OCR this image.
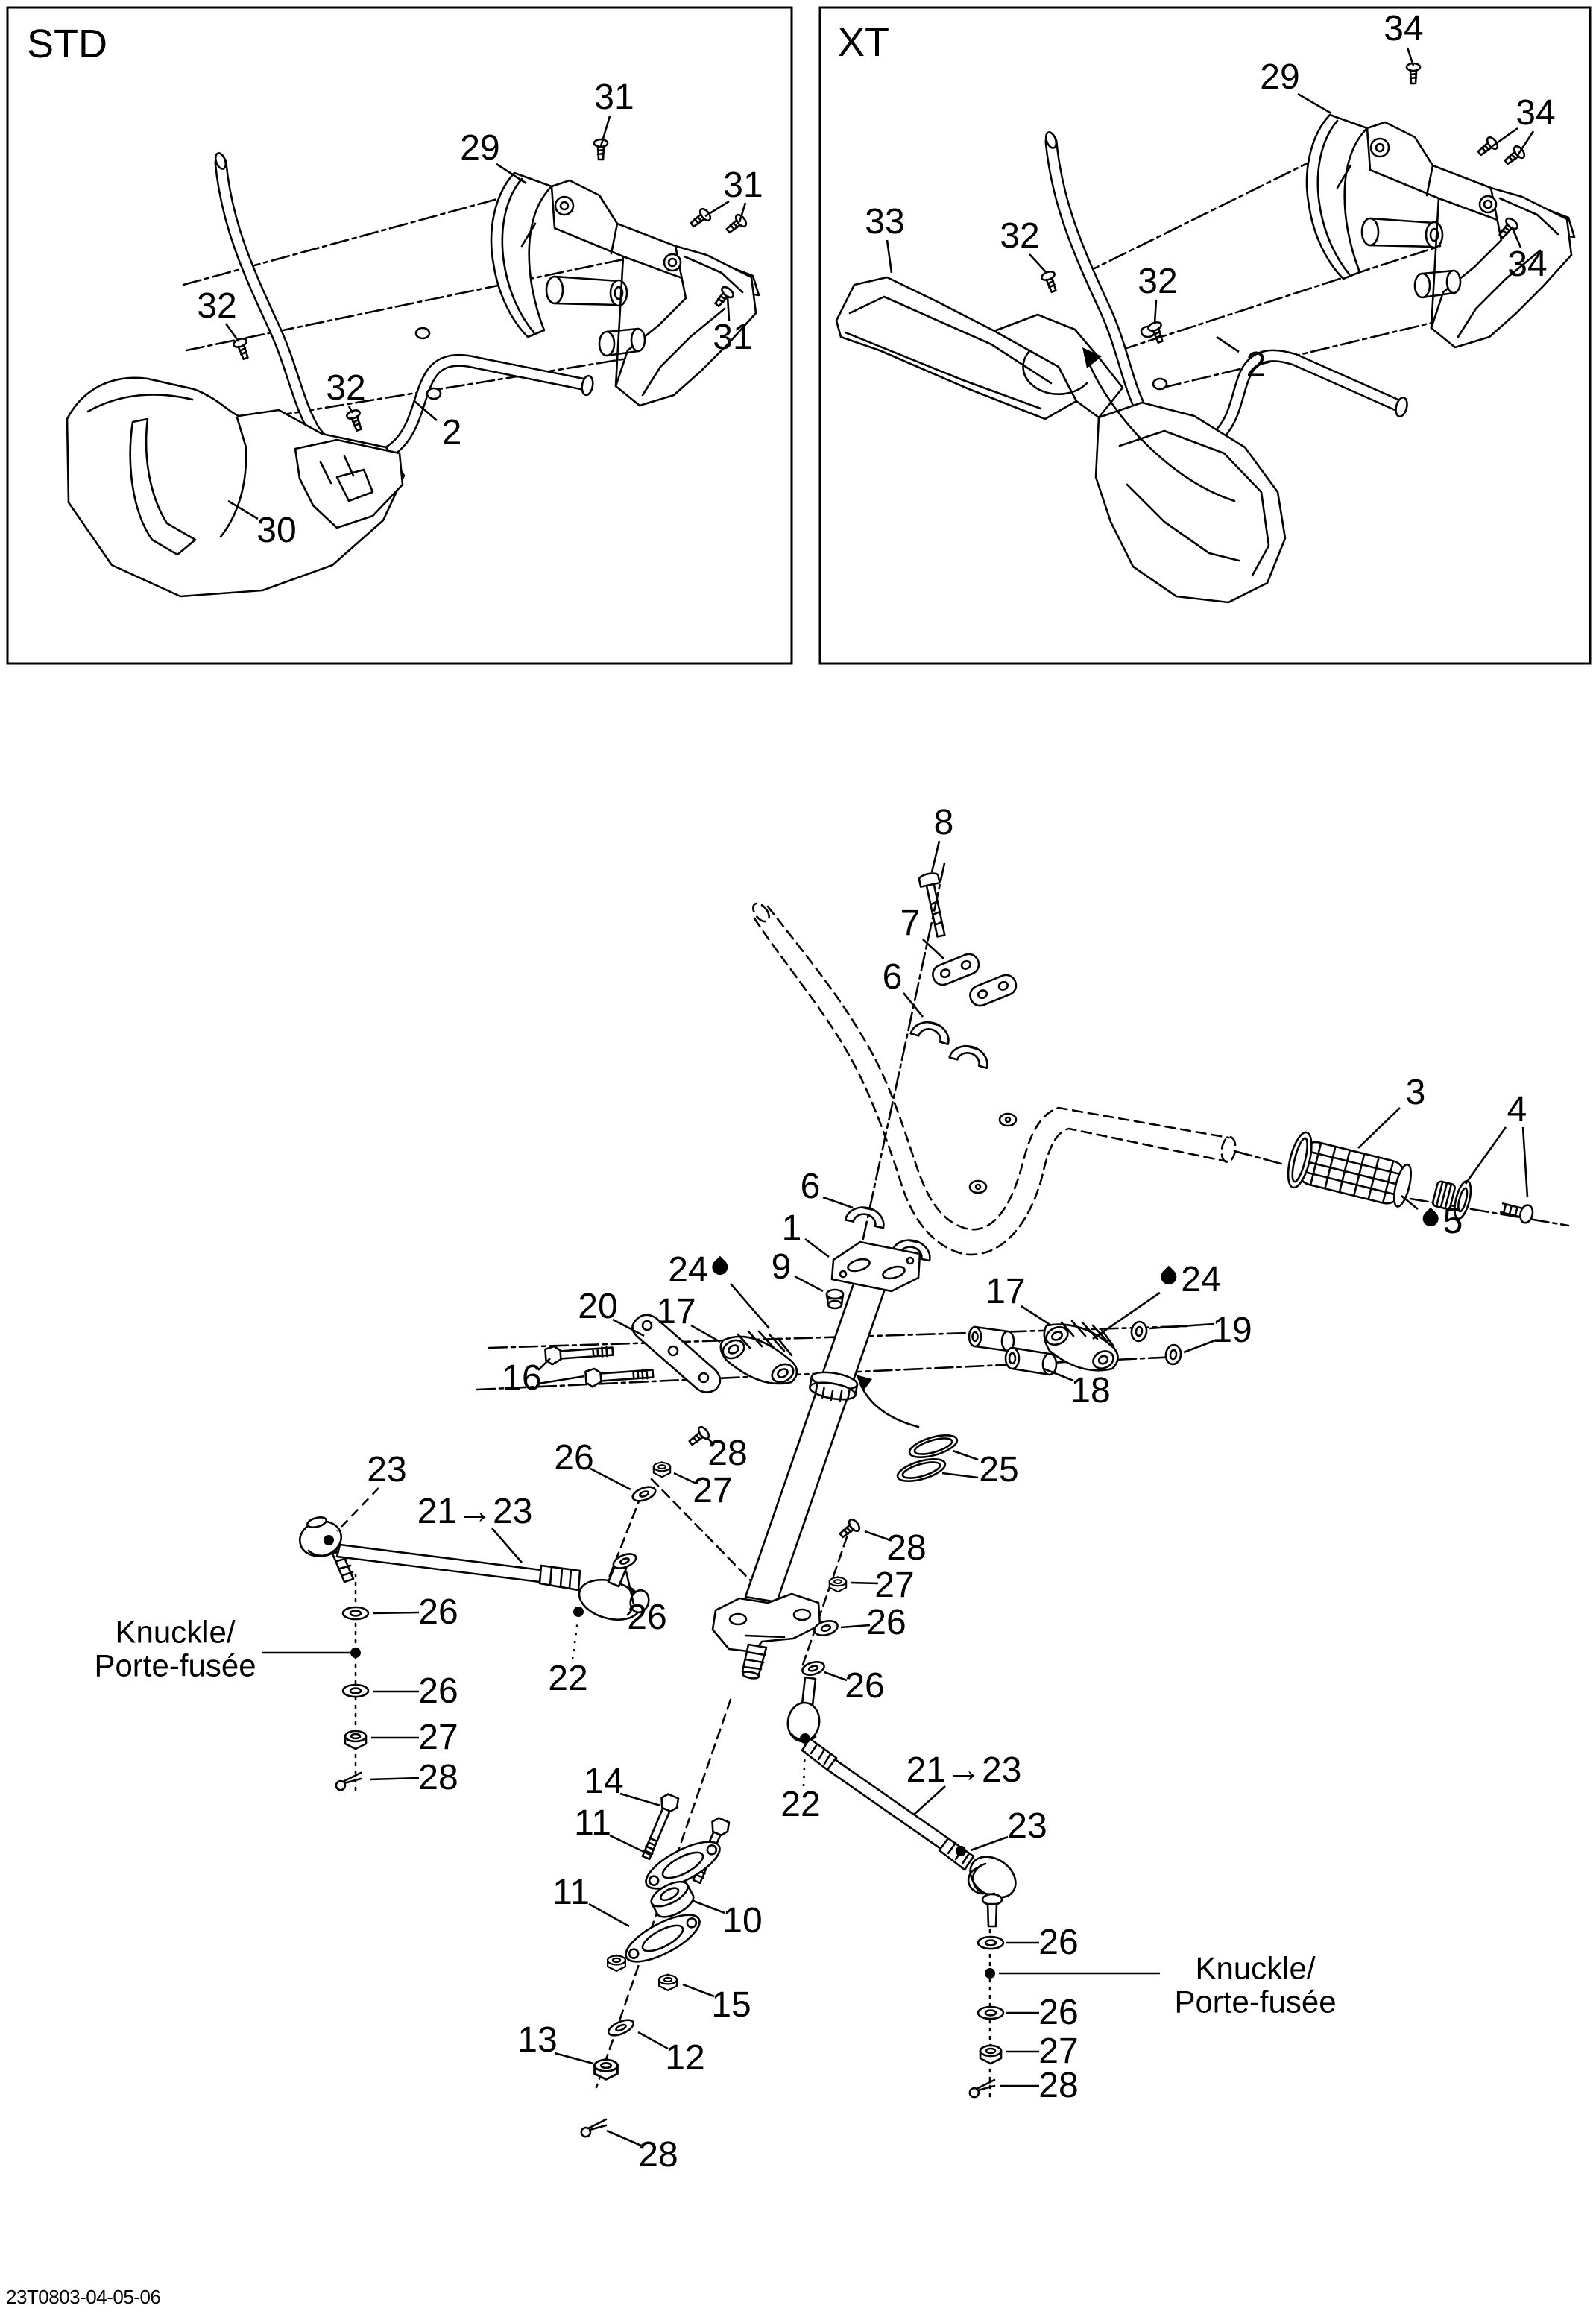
STD	XT
23T0803-04-05-06
31
29
31
32
32
31
2
30
34
29
34
33	32
32	34
2
8
7
6
3 4
5
6
1
9
24
20 17
16
17	24
19
18
25
28
26
27
23
21→23
26	26
22
26
27
28
Knuckle/
Porte-fusée
28
27
26
26
22
21→23
23
26
Knuckle/
Porte-fusée
26
27
28
14
11
11
10
15
13	12
28
